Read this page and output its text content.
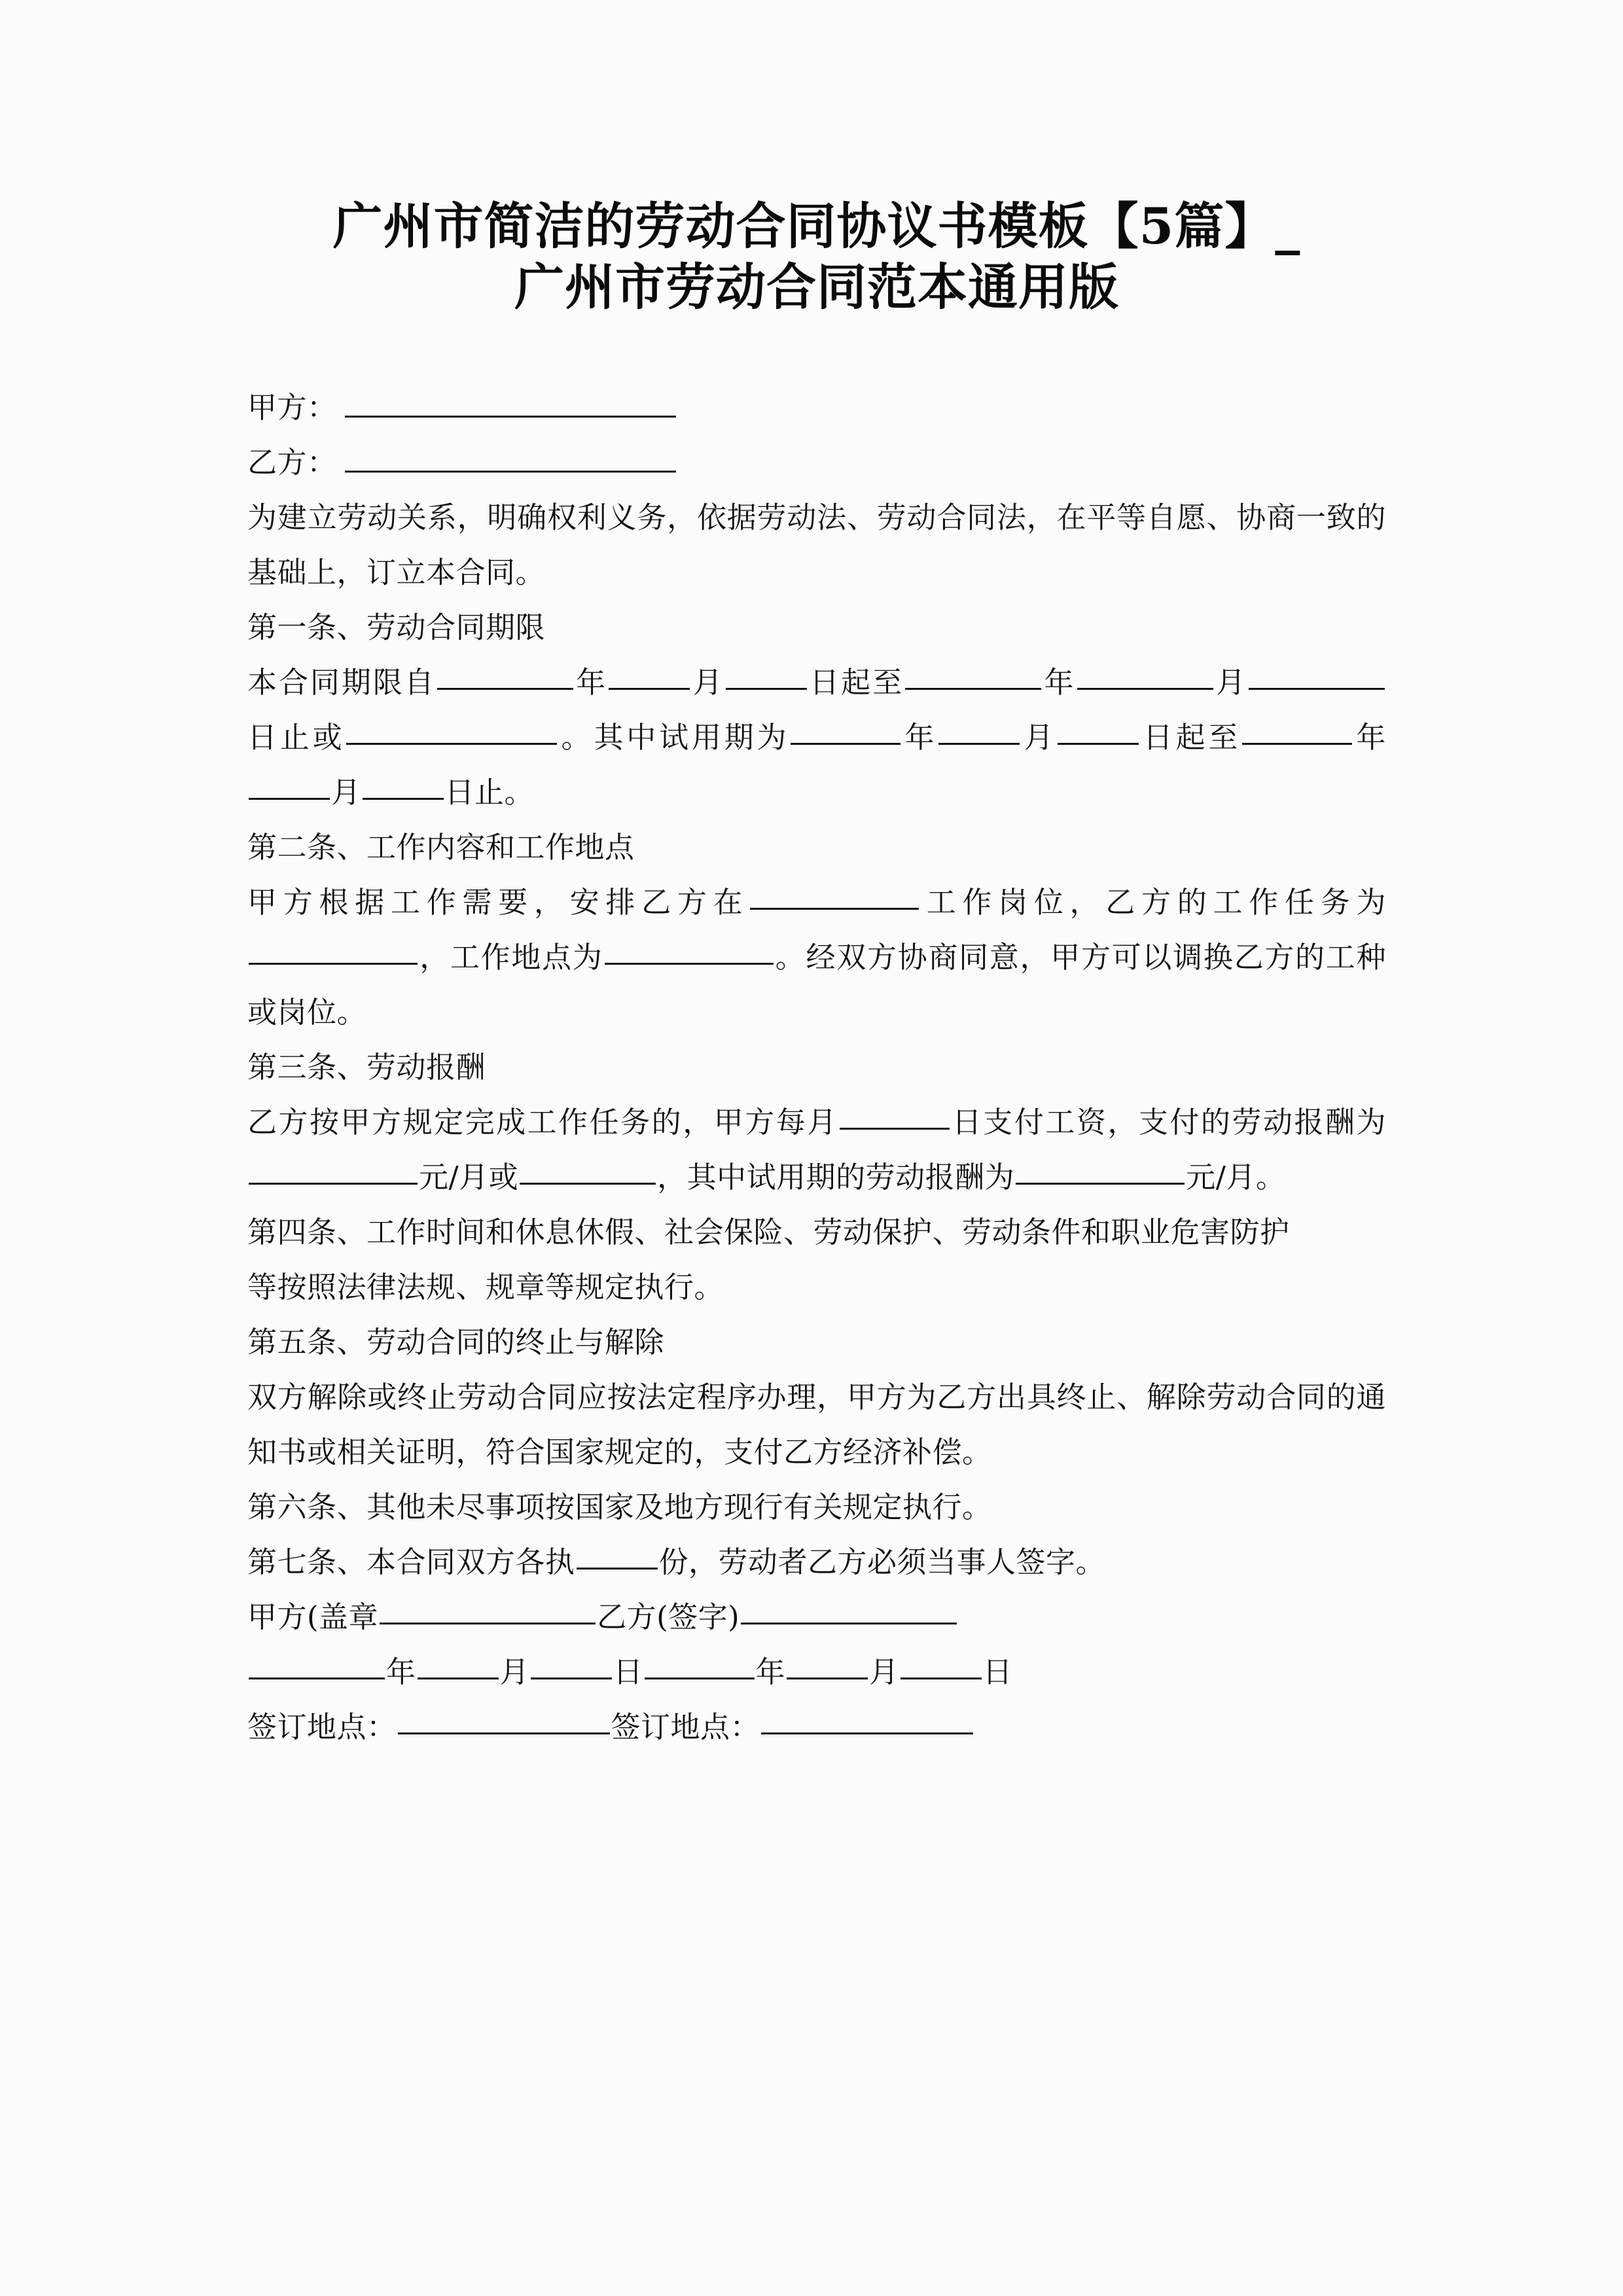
广州市简洁的劳动合同协议书模板【5篇】_
广州市劳动合同范本通用版
甲方：
乙方：

为建立劳动关系，明确权利义务，依据劳动法、劳动合同法，在平等自愿、协商一致的基础上，订立本合同。

第一条、劳动合同期限

本合同期限自	年	月	日起至	年	月日止或	。其中试用期为	年	月	日起至	年月	日止。

第二条、工作内容和工作地点

甲方根据工作需要，安排乙方在	工作岗位，乙方的工作任务为，工作地点为	。经双方协商同意，甲方可以调换乙方的工种或岗位。

第三条、劳动报酬

乙方按甲方规定完成工作任务的，甲方每月	日支付工资，支付的劳动报酬为元/月或	，其中试用期的劳动报酬为	元/月。

第四条、工作时间和休息休假、社会保险、劳动保护、劳动条件和职业危害防护

等按照法律法规、规章等规定执行。

第五条、劳动合同的终止与解除

双方解除或终止劳动合同应按法定程序办理，甲方为乙方出具终止、解除劳动合同的通知书或相关证明，符合国家规定的，支付乙方经济补偿。

第六条、其他未尽事项按国家及地方现行有关规定执行。

第七条、本合同双方各执	份，劳动者乙方必须当事人签字。

甲方(盖章	乙方(签字)

年	月	日	年	月	日

签订地点：	签订地点：
